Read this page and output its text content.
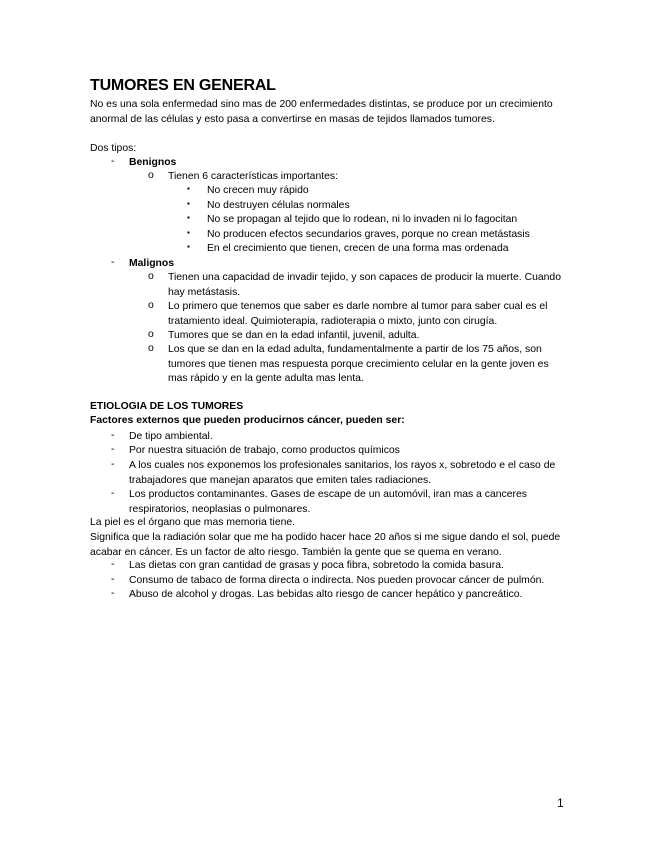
TUMORES EN GENERAL
No es una sola enfermedad sino mas de 200 enfermedades distintas, se produce por un crecimiento anormal de las células y esto pasa a convertirse en masas de tejidos llamados tumores.
Dos tipos:
- Benignos
o Tienen 6 características importantes:
▪ No crecen muy rápido
▪ No destruyen células normales
▪ No se propagan al tejido que lo rodean, ni lo invaden ni lo fagocitan
▪ No producen efectos secundarios graves, porque no crean metástasis
▪ En el crecimiento que tienen, crecen de una forma mas ordenada
- Malignos
o Tienen una capacidad de invadir tejido, y son capaces de producir la muerte. Cuando hay metástasis.
o Lo primero que tenemos que saber es darle nombre al tumor para saber cual es el tratamiento ideal. Quimioterapia, radioterapia o mixto, junto con cirugía.
o Tumores que se dan en la edad infantil, juvenil, adulta.
o Los que se dan en la edad adulta, fundamentalmente a partir de los 75 años, son tumores que tienen mas respuesta porque crecimiento celular en la gente joven es mas rápido y en la gente adulta mas lenta.
ETIOLOGIA DE LOS TUMORES
Factores externos que pueden producirnos cáncer, pueden ser:
- De tipo ambiental.
- Por nuestra situación de trabajo, como productos químicos
- A los cuales nos exponemos los profesionales sanitarios, los rayos x, sobretodo e el caso de trabajadores que manejan aparatos que emiten tales radiaciones.
- Los productos contaminantes. Gases de escape de un automóvil, iran mas a canceres respiratorios, neoplasias o pulmonares.
La piel es el órgano que mas memoria tiene.
Significa que la radiación solar que me ha podido hacer hace 20 años si me sigue dando el sol, puede acabar en cáncer. Es un factor de alto riesgo. También la gente que se quema en verano.
- Las dietas con gran cantidad de grasas y poca fibra, sobretodo la comida basura.
- Consumo de tabaco de forma directa o indirecta. Nos pueden provocar cáncer de pulmón.
- Abuso de alcohol y drogas. Las bebidas alto riesgo de cancer hepático y pancreático.
1
